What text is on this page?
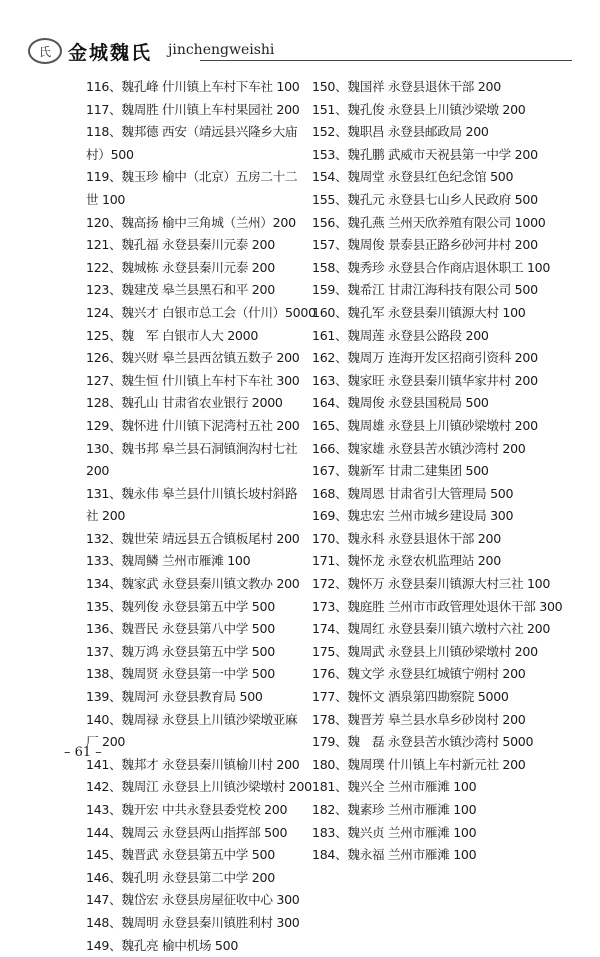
氏 金城魏氏 jinchengweishi
116、魏孔峰 什川镇上车村下车社 100
117、魏周胜 什川镇上车村果园社 200
118、魏邦德 西安（靖远县兴隆乡大庙村）500
119、魏玉珍 榆中（北京）五房二十二世 100
120、魏高扬 榆中三角城（兰州）200
121、魏孔福 永登县秦川元泰 200
122、魏城栋 永登县秦川元泰 200
123、魏建茂 皋兰县黑石和平 200
124、魏兴才 白银市总工会（什川）5000
125、魏　军 白银市人大 2000
126、魏兴财 皋兰县西岔镇五数子 200
127、魏生恒 什川镇上车村下车社 300
128、魏孔山 甘肃省农业银行 2000
129、魏怀进 什川镇下泥湾村五社 200
130、魏书邦 皋兰县石洞镇涧沟村七社 200
131、魏永伟 皋兰县什川镇长坡村斜路社 200
132、魏世荣 靖远县五合镇板尾村 200
133、魏周鳞 兰州市雁滩 100
134、魏家武 永登县秦川镇文教办 200
135、魏列俊 永登县第五中学 500
136、魏晋民 永登县第八中学 500
137、魏万鸿 永登县第五中学 500
138、魏周贤 永登县第一中学 500
139、魏周河 永登县教育局 500
140、魏周禄 永登县上川镇沙梁墩亚麻厂 200
141、魏邦才 永登县秦川镇榆川村 200
142、魏周江 永登县上川镇沙梁墩村 200
143、魏开宏 中共永登县委党校 200
144、魏周云 永登县两山指挥部 500
145、魏晋武 永登县第五中学 500
146、魏孔明 永登县第二中学 200
147、魏岱宏 永登县房屋征收中心 300
148、魏周明 永登县秦川镇胜利村 300
149、魏孔亮 榆中机场 500
150、魏国祥 永登县退休干部 200
151、魏孔俊 永登县上川镇沙梁墩 200
152、魏职昌 永登县邮政局 200
153、魏孔鹏 武威市天祝县第一中学 200
154、魏周堂 永登县红色纪念馆 500
155、魏孔元 永登县七山乡人民政府 500
156、魏孔燕 兰州天欣养殖有限公司 1000
157、魏周俊 景泰县正路乡砂河井村 200
158、魏秀珍 永登县合作商店退休职工 100
159、魏希江 甘肃江海科技有限公司 500
160、魏孔军 永登县秦川镇源大村 100
161、魏周莲 永登县公路段 200
162、魏周万 连海开发区招商引资科 200
163、魏家旺 永登县秦川镇华家井村 200
164、魏周俊 永登县国税局 500
165、魏周雄 永登县上川镇砂梁墩村 200
166、魏家雄 永登县苦水镇沙湾村 200
167、魏新军 甘肃二建集团 500
168、魏周恩 甘肃省引大管理局 500
169、魏忠宏 兰州市城乡建设局 300
170、魏永科 永登县退休干部 200
171、魏怀龙 永登农机监理站 200
172、魏怀万 永登县秦川镇源大村三社 100
173、魏庭胜 兰州市市政管理处退休干部 300
174、魏周红 永登县秦川镇六墩村六社 200
175、魏周武 永登县上川镇砂梁墩村 200
176、魏文学 永登县红城镇宁朔村 200
177、魏怀文 酒泉第四勘察院 5000
178、魏晋芳 皋兰县水阜乡砂岗村 200
179、魏　磊 永登县苦水镇沙湾村 5000
180、魏周璞 什川镇上车村新元社 200
181、魏兴全 兰州市雁滩 100
182、魏素珍 兰州市雁滩 100
183、魏兴贞 兰州市雁滩 100
184、魏永福 兰州市雁滩 100
– 61 –
